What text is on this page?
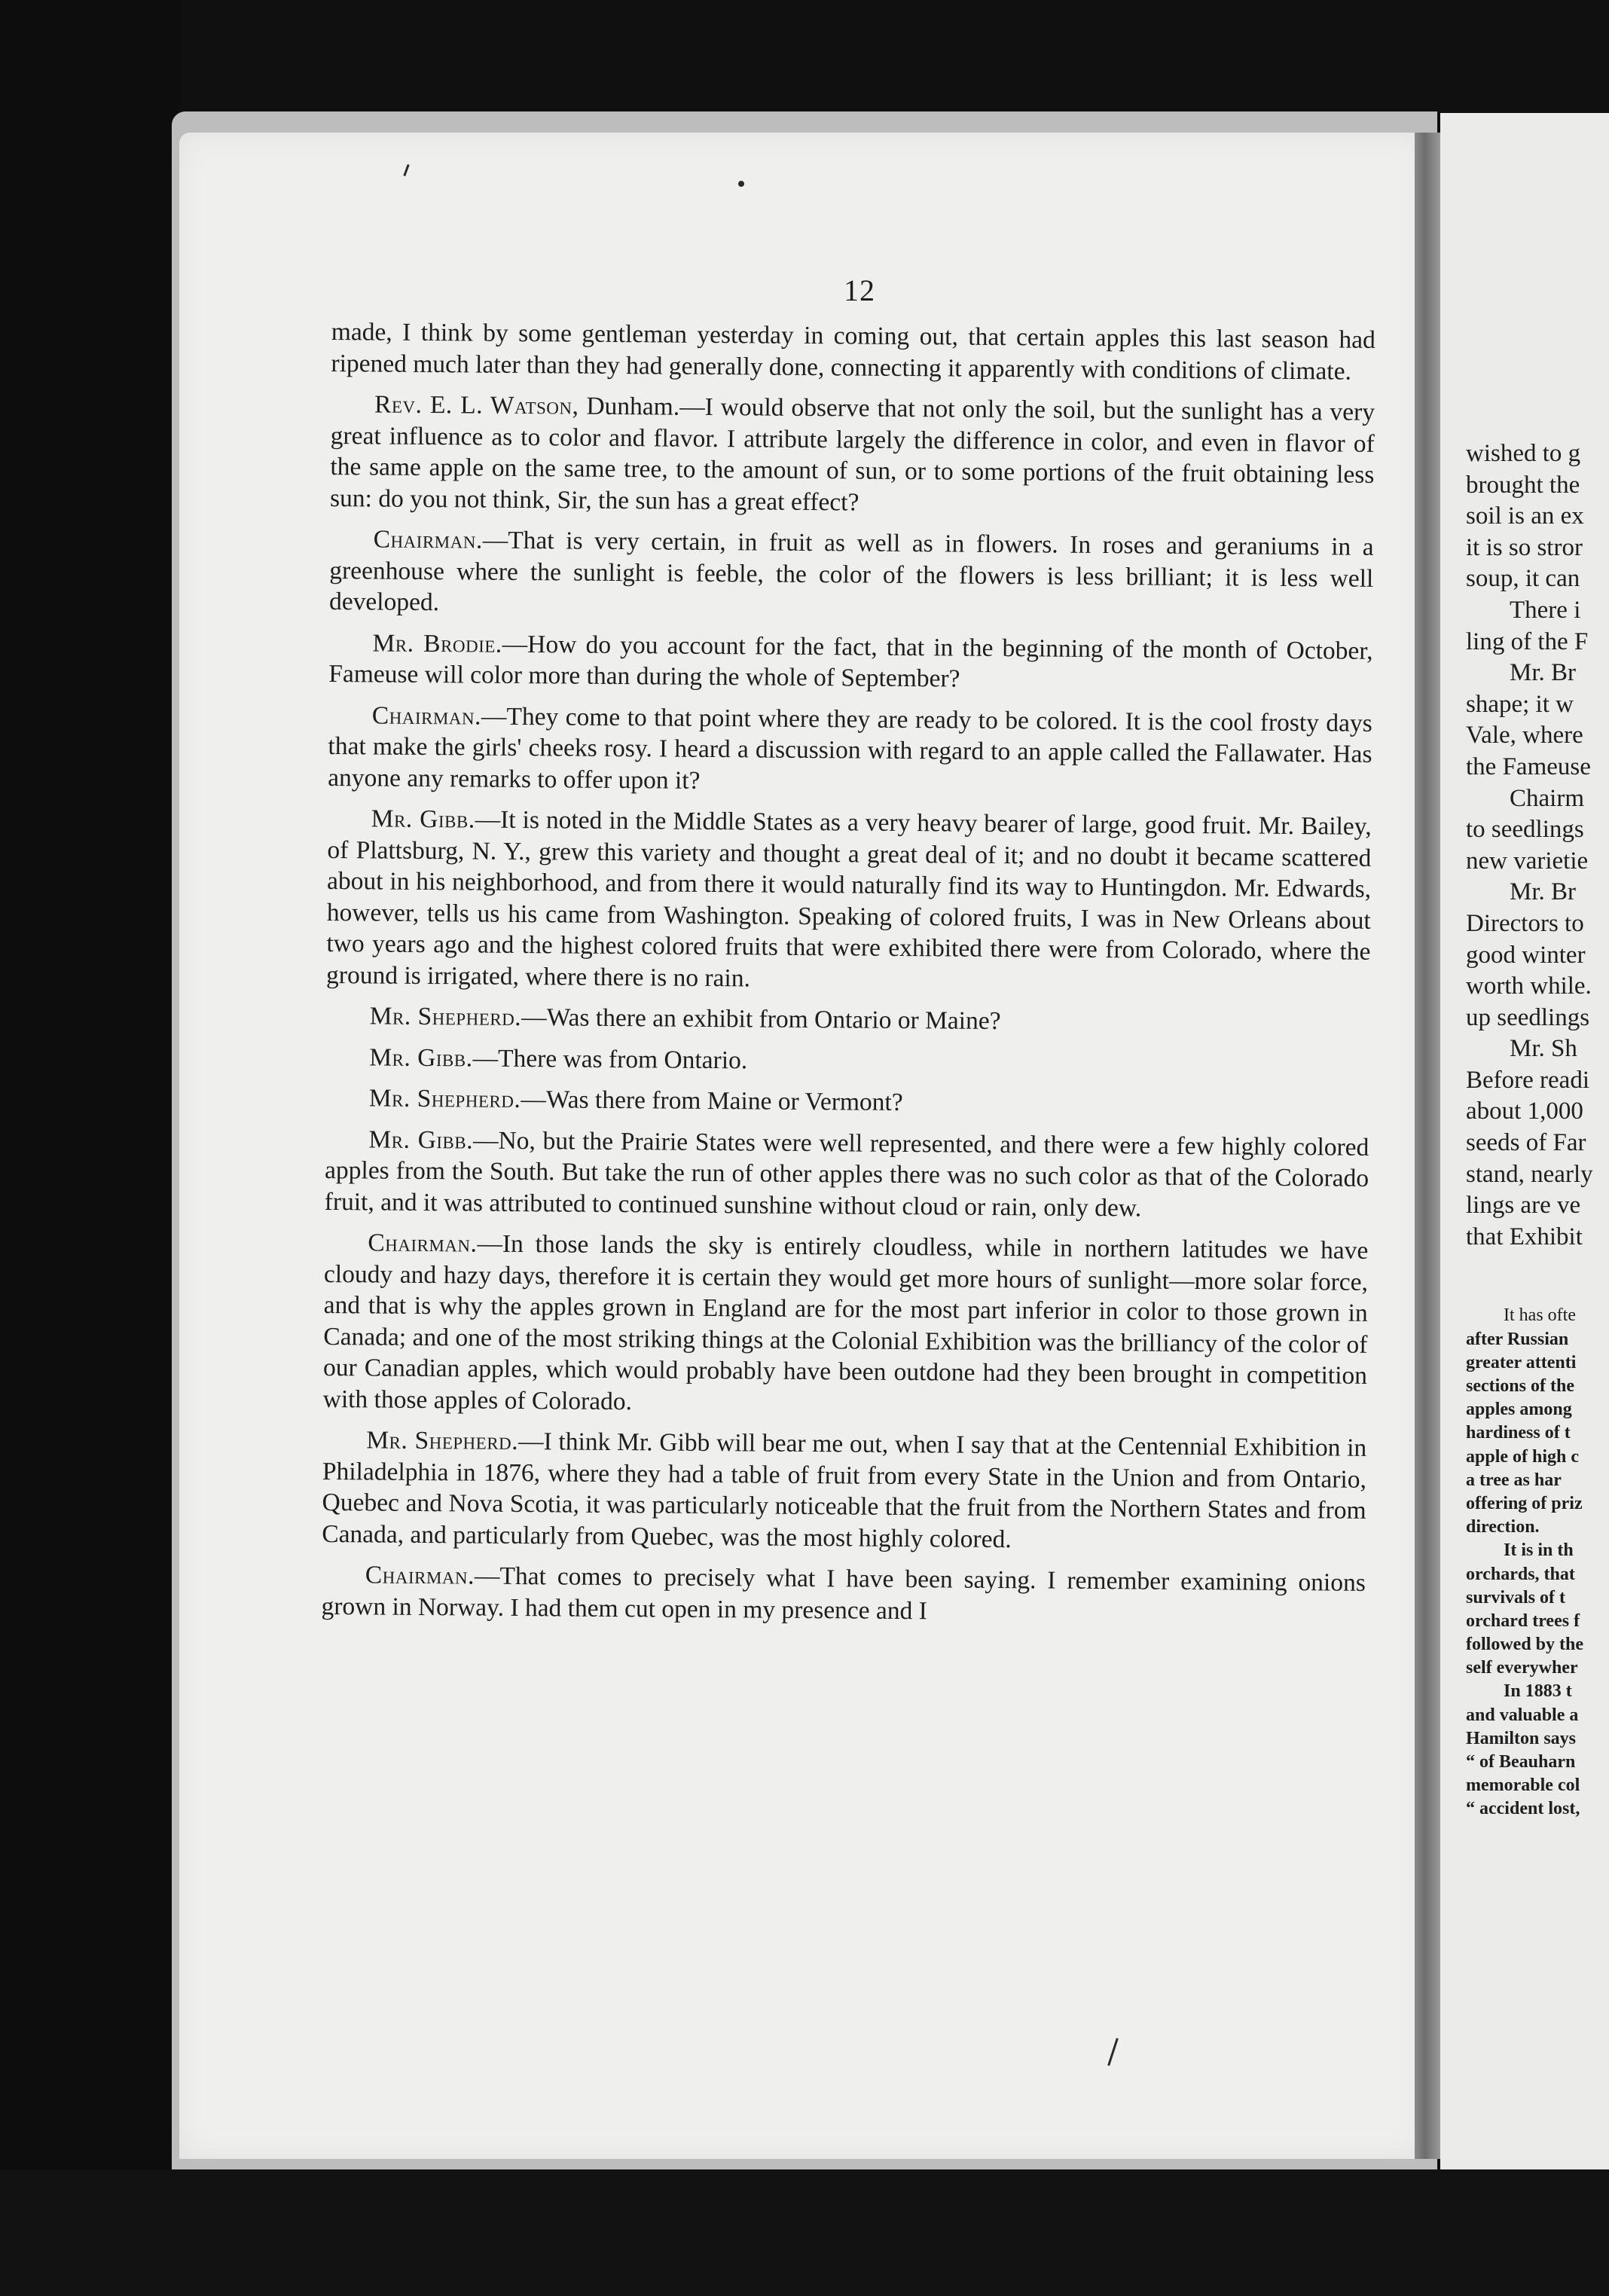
wished to g
brought the
soil is an ex
it is so stror
soup, it can
There i
ling of the F
Mr. Br
shape; it w
Vale, where
the Fameuse
Chairm
to seedlings
new varietie
Mr. Br
Directors to
good winter
worth while.
up seedlings
Mr. Sh
Before readi
about 1,000
seeds of Far
stand, nearly
lings are ve
that Exhibit
It has ofte
after Russian
greater attenti
sections of the
apples among
hardiness of t
apple of high c
a tree as har
offering of priz
direction.
It is in th
orchards, that
survivals of t
orchard trees f
followed by the
self everywher
In 1883 t
and valuable a
Hamilton says
“ of Beauharn
memorable col
“ accident lost,
12

made, I think by some gentleman yesterday in coming out, that certain apples this last season had ripened much later than they had generally done, connecting it apparently with conditions of climate.

Rev. E. L. Watson, Dunham.—I would observe that not only the soil, but the sunlight has a very great influence as to color and flavor. I attribute largely the difference in color, and even in flavor of the same apple on the same tree, to the amount of sun, or to some portions of the fruit obtaining less sun: do you not think, Sir, the sun has a great effect?

Chairman.—That is very certain, in fruit as well as in flowers. In roses and geraniums in a greenhouse where the sunlight is feeble, the color of the flowers is less brilliant; it is less well developed.

Mr. Brodie.—How do you account for the fact, that in the beginning of the month of October, Fameuse will color more than during the whole of September?

Chairman.—They come to that point where they are ready to be colored. It is the cool frosty days that make the girls' cheeks rosy. I heard a discussion with regard to an apple called the Fallawater. Has anyone any remarks to offer upon it?

Mr. Gibb.—It is noted in the Middle States as a very heavy bearer of large, good fruit. Mr. Bailey, of Plattsburg, N. Y., grew this variety and thought a great deal of it; and no doubt it became scattered about in his neighborhood, and from there it would naturally find its way to Huntingdon. Mr. Edwards, however, tells us his came from Washington. Speaking of colored fruits, I was in New Orleans about two years ago and the highest colored fruits that were exhibited there were from Colorado, where the ground is irrigated, where there is no rain.

Mr. Shepherd.—Was there an exhibit from Ontario or Maine?

Mr. Gibb.—There was from Ontario.

Mr. Shepherd.—Was there from Maine or Vermont?

Mr. Gibb.—No, but the Prairie States were well represented, and there were a few highly colored apples from the South. But take the run of other apples there was no such color as that of the Colorado fruit, and it was attributed to continued sunshine without cloud or rain, only dew.

Chairman.—In those lands the sky is entirely cloudless, while in northern latitudes we have cloudy and hazy days, therefore it is certain they would get more hours of sunlight—more solar force, and that is why the apples grown in England are for the most part inferior in color to those grown in Canada; and one of the most striking things at the Colonial Exhibition was the brilliancy of the color of our Canadian apples, which would probably have been outdone had they been brought in competition with those apples of Colorado.

Mr. Shepherd.—I think Mr. Gibb will bear me out, when I say that at the Centennial Exhibition in Philadelphia in 1876, where they had a table of fruit from every State in the Union and from Ontario, Quebec and Nova Scotia, it was particularly noticeable that the fruit from the Northern States and from Canada, and particularly from Quebec, was the most highly colored.

Chairman.—That comes to precisely what I have been saying. I remember examining onions grown in Norway. I had them cut open in my presence and I
